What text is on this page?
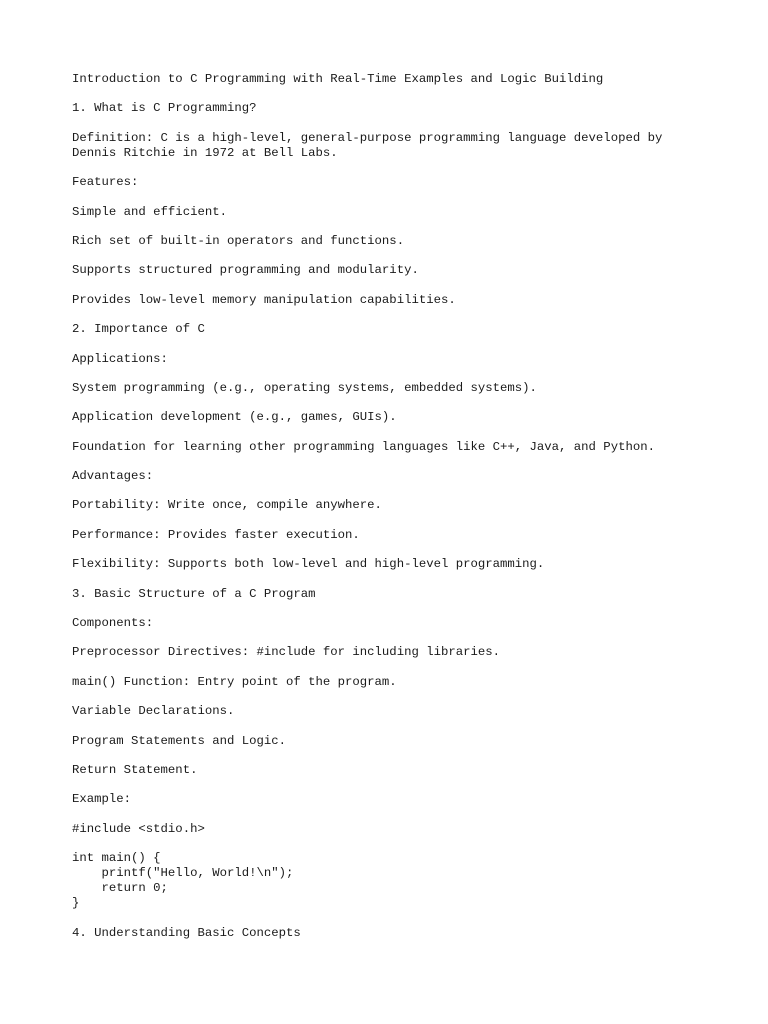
Introduction to C Programming with Real-Time Examples and Logic Building

1. What is C Programming?

Definition: C is a high-level, general-purpose programming language developed by
Dennis Ritchie in 1972 at Bell Labs.

Features:

Simple and efficient.

Rich set of built-in operators and functions.

Supports structured programming and modularity.

Provides low-level memory manipulation capabilities.

2. Importance of C

Applications:

System programming (e.g., operating systems, embedded systems).

Application development (e.g., games, GUIs).

Foundation for learning other programming languages like C++, Java, and Python.

Advantages:

Portability: Write once, compile anywhere.

Performance: Provides faster execution.

Flexibility: Supports both low-level and high-level programming.

3. Basic Structure of a C Program

Components:

Preprocessor Directives: #include for including libraries.

main() Function: Entry point of the program.

Variable Declarations.

Program Statements and Logic.

Return Statement.

Example:

#include <stdio.h>

int main() {
printf("Hello, World!\n");
return 0;
}

4. Understanding Basic Concepts
